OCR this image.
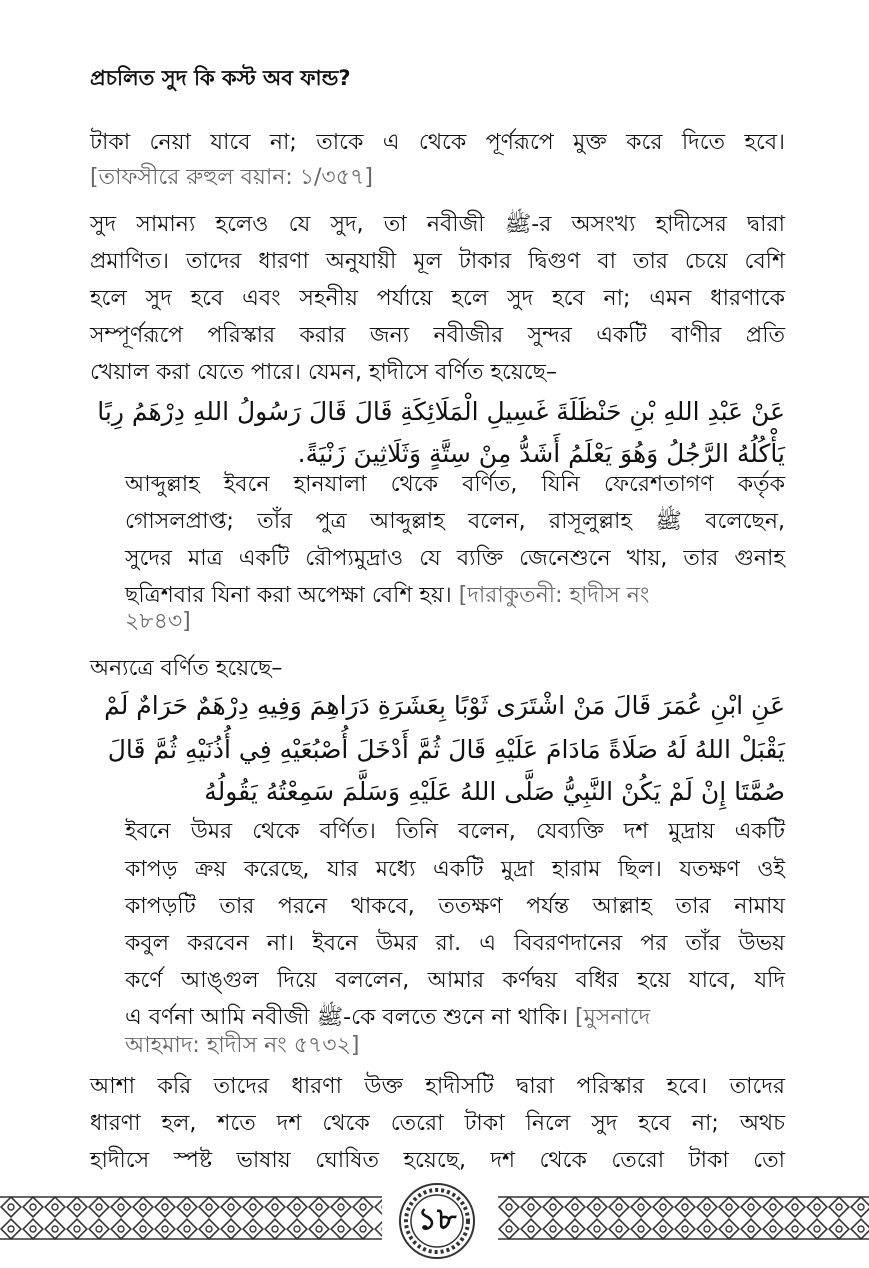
প্রচলিত সুদ কি কস্ট অব ফান্ড?
টাকা নেয়া যাবে না; তাকে এ থেকে পূর্ণরূপে মুক্ত করে দিতে হবে।
[তাফসীরে রুহুল বয়ান: ১/৩৫৭]
সুদ সামান্য হলেও যে সুদ, তা নবীজী ﷺ-র অসংখ্য হাদীসের দ্বারা
প্রমাণিত। তাদের ধারণা অনুযায়ী মূল টাকার দ্বিগুণ বা তার চেয়ে বেশি
হলে সুদ হবে এবং সহনীয় পর্যায়ে হলে সুদ হবে না; এমন ধারণাকে
সম্পূর্ণরূপে পরিস্কার করার জন্য নবীজীর সুন্দর একটি বাণীর প্রতি
খেয়াল করা যেতে পারে। যেমন, হাদীসে বর্ণিত হয়েছে–
عَنْ عَبْدِ اللهِ بْنِ حَنْظَلَةَ غَسِيلِ الْمَلَائِكَةِ قَالَ قَالَ رَسُولُ اللهِ دِرْهَمُ رِبًا
يَأْكُلُهُ الرَّجُلُ وَهُوَ يَعْلَمُ أَشَدُّ مِنْ سِتَّةٍ وَثَلَاثِينَ زَنْيَةً.
আব্দুল্লাহ ইবনে হানযালা থেকে বর্ণিত, যিনি ফেরেশতাগণ কর্তৃক
গোসলপ্রাপ্ত; তাঁর পুত্র আব্দুল্লাহ বলেন, রাসূলুল্লাহ ﷺ বলেছেন,
সুদের মাত্র একটি রৌপ্যমুদ্রাও যে ব্যক্তি জেনেশুনে খায়, তার গুনাহ
ছত্রিশবার যিনা করা অপেক্ষা বেশি হয়। [দারাকুতনী: হাদীস নং
২৮৪৩]
অন্যত্রে বর্ণিত হয়েছে–
عَنِ ابْنِ عُمَرَ قَالَ مَنْ اشْتَرَى ثَوْبًا بِعَشَرَةِ دَرَاهِمَ وَفِيهِ دِرْهَمٌ حَرَامٌ لَمْ
يَقْبَلْ اللهُ لَهُ صَلَاةً مَادَامَ عَلَيْهِ قَالَ ثُمَّ أَدْخَلَ أُصْبُعَيْهِ فِي أُذُنَيْهِ ثُمَّ قَالَ
صُمَّتَا إِنْ لَمْ يَكُنْ النَّبِيُّ صَلَّى اللهُ عَلَيْهِ وَسَلَّمَ سَمِعْتُهُ يَقُولُهُ
ইবনে উমর থেকে বর্ণিত। তিনি বলেন, যেব্যক্তি দশ মুদ্রায় একটি
কাপড় ক্রয় করেছে, যার মধ্যে একটি মুদ্রা হারাম ছিল। যতক্ষণ ওই
কাপড়টি তার পরনে থাকবে, ততক্ষণ পর্যন্ত আল্লাহ তার নামায
কবুল করবেন না। ইবনে উমর রা. এ বিবরণদানের পর তাঁর উভয়
কর্ণে আঙ্গুল দিয়ে বললেন, আমার কর্ণদ্বয় বধির হয়ে যাবে, যদি
এ বর্ণনা আমি নবীজী ﷺ-কে বলতে শুনে না থাকি। [মুসনাদে
আহমাদ: হাদীস নং ৫৭৩২]
আশা করি তাদের ধারণা উক্ত হাদীসটি দ্বারা পরিস্কার হবে। তাদের
ধারণা হল, শতে দশ থেকে তেরো টাকা নিলে সুদ হবে না; অথচ
হাদীসে স্পষ্ট ভাষায় ঘোষিত হয়েছে, দশ থেকে তেরো টাকা তো
১৮
